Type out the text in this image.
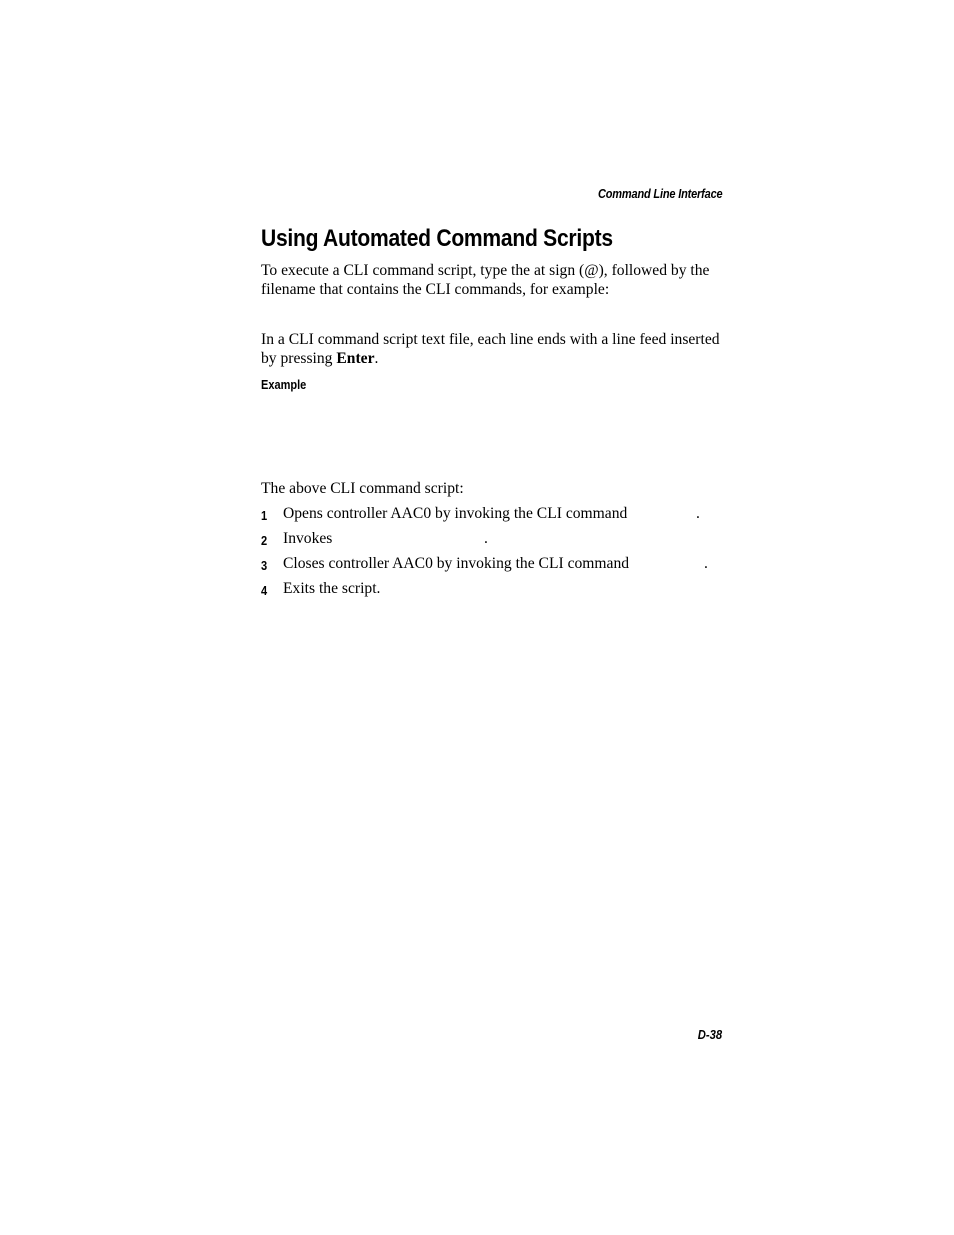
Command Line Interface
Using Automated Command Scripts

To execute a CLI command script, type the at sign (@), followed by the filename that contains the CLI commands, for example:

In a CLI command script text file, each line ends with a line feed inserted by pressing Enter.

Example

The above CLI command script:

1 Opens controller AAC0 by invoking the CLI command	.
2 Invokes	.
3 Closes controller AAC0 by invoking the CLI command	.
4 Exits the script.
D-38
